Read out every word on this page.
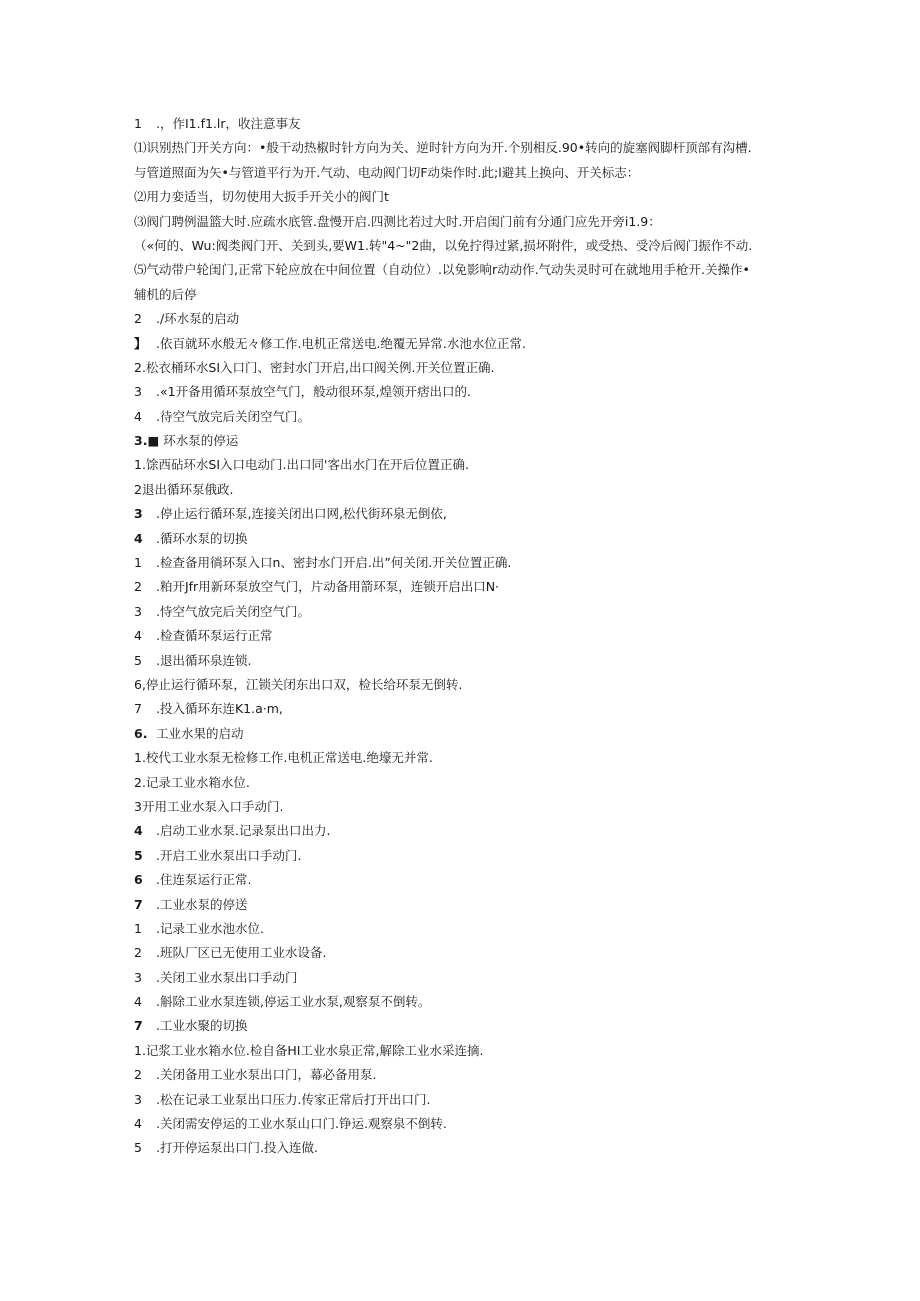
1 .，作I1.f1.lr，收注意事友
⑴识别热门开关方向：•般干动热椒时针方向为关、逆时针方向为开.个别相反.90•转向的旋塞阀脚杆顶部有沟槽.
与管道照面为矢•与管道平行为开.气动、电动阀门切F动柒作时.此;l避其上换向、开关标志：
⑵用力娈适当，切勿使用大扳手开关小的阀门t
⑶阀门聘例温篮大时.应疏水底管.盘慢开启.四测比若过大时.开启闺门前有分通门应先开旁i1.9：
（«何的、Wu:阀类阀门开、关到头,要W1.转"4~"2曲，以免拧得过紧,损坏附件，或受热、受冷后阀门振作不动.
⑸气动带户轮闺门,正常下轮应放在中间位置（自动位）.以免影响r动动作.气动失灵时可在就地用手枪开.关操作•
辅机的后停
2 ./环水泵的启动
】 .依百就环水般无々修工作.电机正常送电.绝覆无异常.水池水位正常.
2.松衣桶环水SI入口门、密封水门开启,出口阀关例.开关位置正确.
3 .«1开备用循环泵放空气门，般动很环泵,煌领开痞出口的.
4 .待空气放完后关闭空气门。
3.■ 环水泵的停运
1.馀西砧环水SI入口电动门.出口同'客出水门在开后位置正确.
2退出循环泵俄政.
3 .停止运行循环泵,连接关闭出口网,松代街环泉无倒依,
4 .循环水泵的切换
1 .检查备用徜环泵入口n、密封水门开启.出”何关闭.开关位置正确.
2 .粕开Jfr用新环泵放空气门，片动备用箭环泵，连锁开启出口N·
3 .恃空气放完后关闭空气门。
4 .检查循环泵运行正常
5 .退出循环泉连锁.
6,停止运行循环泵，江锁关闭东出口双，检长给环泵无倒转.
7 .投入循环东连K1.a·m,
6. 工业水果的启动
1.校代工业水泵无检修工作.电机正常送电.绝壕无并常.
2.记录工业水箱水位.
3开用工业水泵入口手动门.
4 .启动工业水泵.记录泵出口出力.
5 .开启工业水泵出口手动门.
6 .住连泵运行正常.
7 .工业水泵的停送
1 .记录工业水池水位.
2 .班队厂区已无使用工业水设备.
3 .关闭工业水泵出口手动门
4 .斛除工业水泵连锁,停运工业水泵,观察泵不倒转。
7 .工业水聚的切换
1.记浆工业水箱水位.检自备HI工业水泉正常,解除工业水采连摘.
2 .关闭备用工业水泵出口门，幕必备用泵.
3 .松在记录工业泵出口压力.传家正常后打开出口门.
4 .关闭需安停运的工业水泵山口门.铮运.观察泉不倒转.
5 .打开停运泵出口门.投入连做.
